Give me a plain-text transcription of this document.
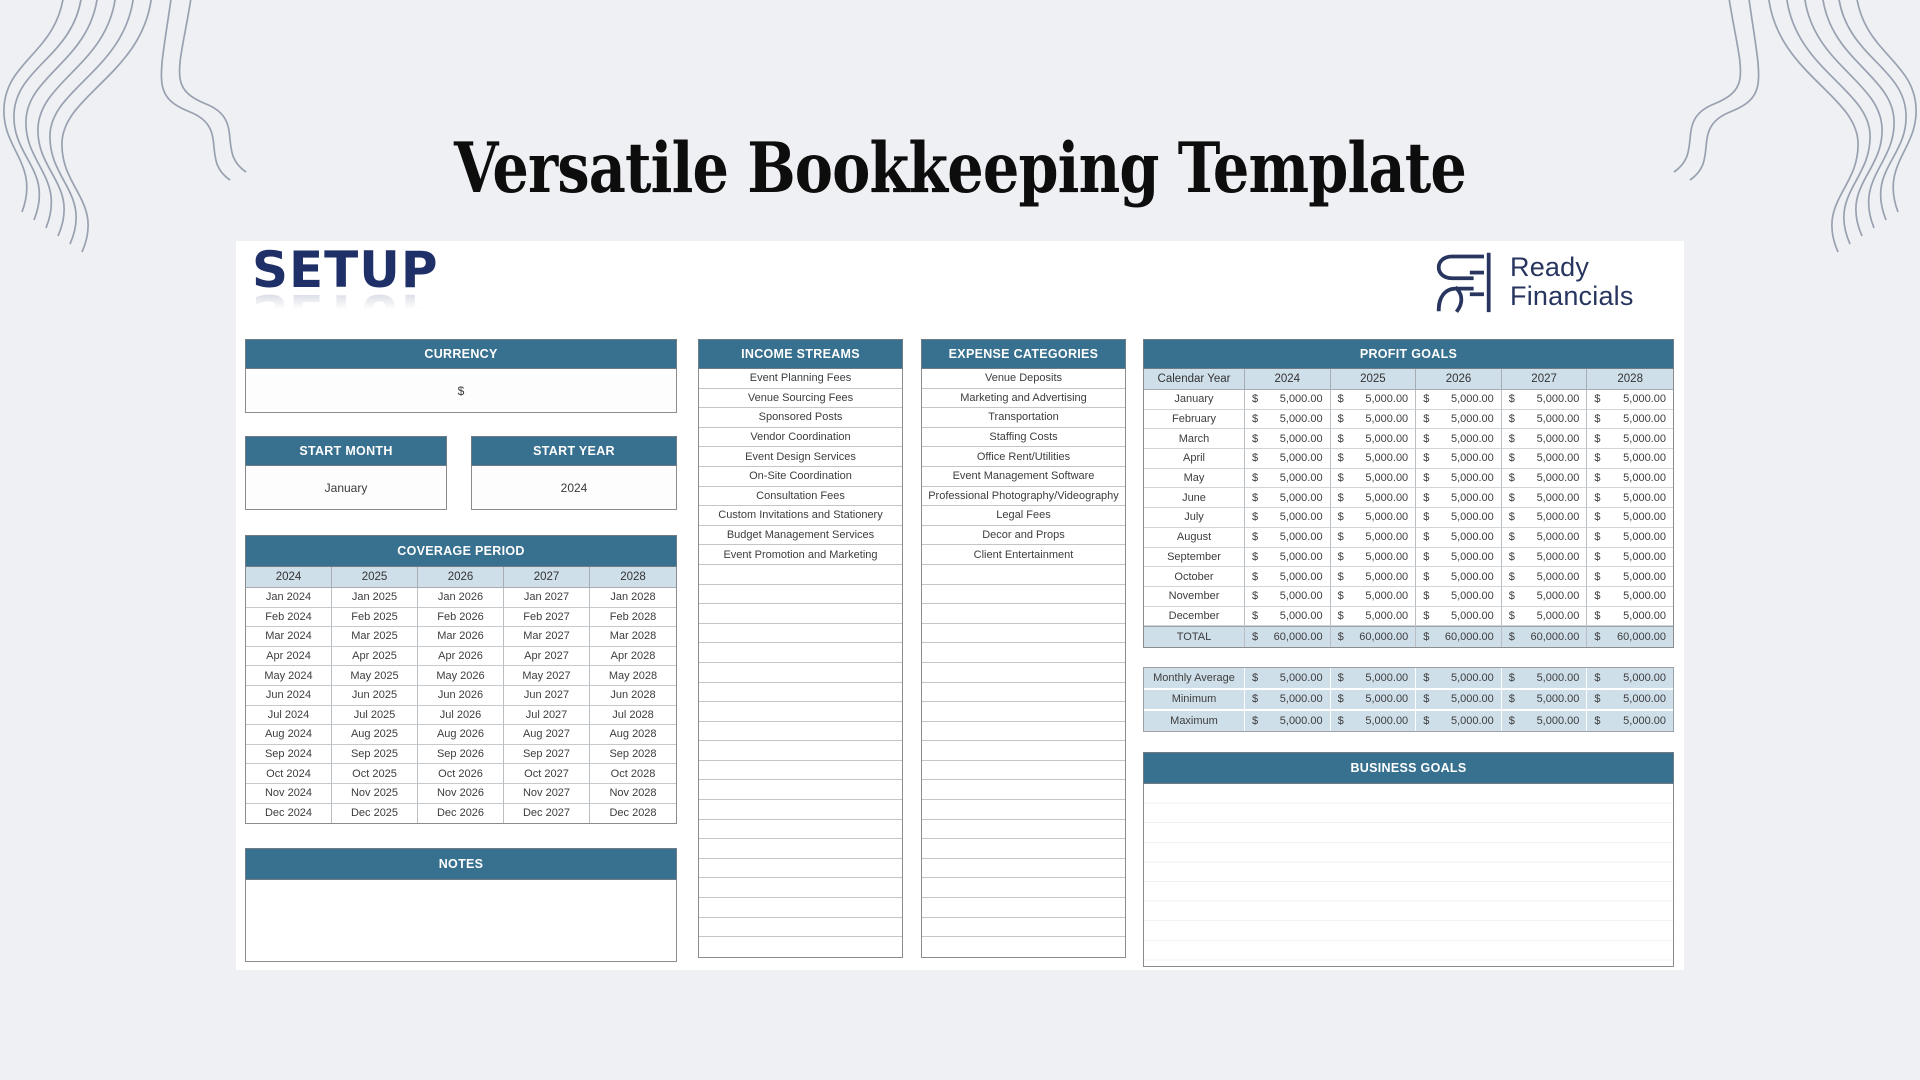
Versatile Bookkeeping Template
SETUP	Ready
Financials
CURRENCY
$
START MONTH
January
START YEAR
2024
COVERAGE PERIOD
2024	2025	2026	2027	2028
Jan 2024	Jan 2025	Jan 2026	Jan 2027	Jan 2028
Feb 2024	Feb 2025	Feb 2026	Feb 2027	Feb 2028
Mar 2024	Mar 2025	Mar 2026	Mar 2027	Mar 2028
Apr 2024	Apr 2025	Apr 2026	Apr 2027	Apr 2028
May 2024	May 2025	May 2026	May 2027	May 2028
Jun 2024	Jun 2025	Jun 2026	Jun 2027	Jun 2028
Jul 2024	Jul 2025	Jul 2026	Jul 2027	Jul 2028
Aug 2024	Aug 2025	Aug 2026	Aug 2027	Aug 2028
Sep 2024	Sep 2025	Sep 2026	Sep 2027	Sep 2028
Oct 2024	Oct 2025	Oct 2026	Oct 2027	Oct 2028
Nov 2024	Nov 2025	Nov 2026	Nov 2027	Nov 2028
Dec 2024	Dec 2025	Dec 2026	Dec 2027	Dec 2028
NOTES
INCOME STREAMS
Event Planning Fees
Venue Sourcing Fees
Sponsored Posts
Vendor Coordination
Event Design Services
On-Site Coordination
Consultation Fees
Custom Invitations and Stationery
Budget Management Services
Event Promotion and Marketing
EXPENSE CATEGORIES
Venue Deposits
Marketing and Advertising
Transportation
Staffing Costs
Office Rent/Utilities
Event Management Software
Professional Photography/Videography
Legal Fees
Decor and Props
Client Entertainment
PROFIT GOALS
Calendar Year	2024	2025	2026	2027	2028
January	$ 5,000.00 $ 5,000.00 $ 5,000.00 $ 5,000.00 $ 5,000.00
February	$ 5,000.00 $ 5,000.00 $ 5,000.00 $ 5,000.00 $ 5,000.00
March	$ 5,000.00 $ 5,000.00 $ 5,000.00 $ 5,000.00 $ 5,000.00
April	$ 5,000.00 $ 5,000.00 $ 5,000.00 $ 5,000.00 $ 5,000.00
May	$ 5,000.00 $ 5,000.00 $ 5,000.00 $ 5,000.00 $ 5,000.00
June	$ 5,000.00 $ 5,000.00 $ 5,000.00 $ 5,000.00 $ 5,000.00
July	$ 5,000.00 $ 5,000.00 $ 5,000.00 $ 5,000.00 $ 5,000.00
August	$ 5,000.00 $ 5,000.00 $ 5,000.00 $ 5,000.00 $ 5,000.00
September	$ 5,000.00 $ 5,000.00 $ 5,000.00 $ 5,000.00 $ 5,000.00
October	$ 5,000.00 $ 5,000.00 $ 5,000.00 $ 5,000.00 $ 5,000.00
November	$ 5,000.00 $ 5,000.00 $ 5,000.00 $ 5,000.00 $ 5,000.00
December	$ 5,000.00 $ 5,000.00 $ 5,000.00 $ 5,000.00 $ 5,000.00
TOTAL	$ 60,000.00 $ 60,000.00 $ 60,000.00 $ 60,000.00 $ 60,000.00
Monthly Average	$ 5,000.00 $ 5,000.00 $ 5,000.00 $ 5,000.00 $ 5,000.00
Minimum	$ 5,000.00 $ 5,000.00 $ 5,000.00 $ 5,000.00 $ 5,000.00
Maximum	$ 5,000.00 $ 5,000.00 $ 5,000.00 $ 5,000.00 $ 5,000.00
BUSINESS GOALS
